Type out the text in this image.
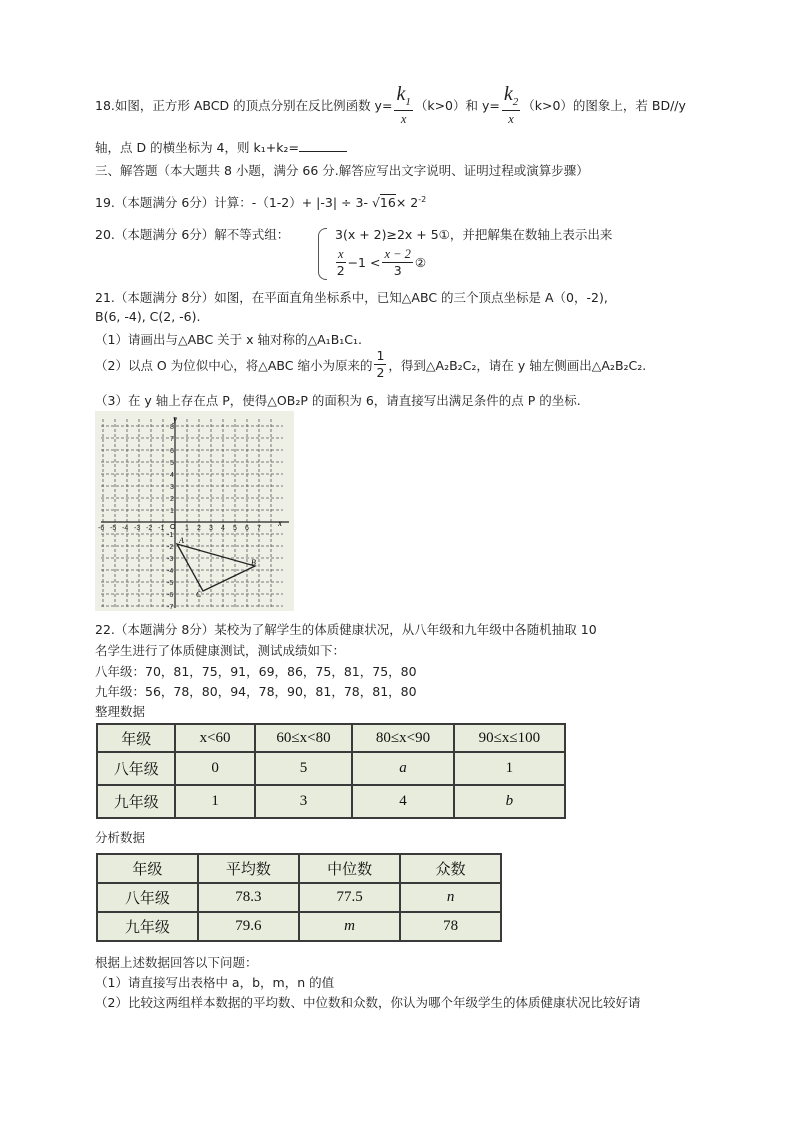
18.如图，正方形 ABCD 的顶点分别在反比例函数 $y= \frac{k_1}{x} (k>0)$和 $y= \frac{k_2}{x} (k>0)$的图象上，若 BD//y
轴，点 D 的横坐标为 4，则 k₁+k₂=
三、解答题（本大题共 8 小题，满分 66 分.解答应写出文字说明、证明过程或演算步骤）
19.（本题满分 6分）计算：-（1-2）+ |-3| ÷ 3- $√16\times 2^{-2}$
20.（本题满分 6分）解不等式组：	3(x + 2)≥2x + 5①，并把解集在数轴上表示出来
$\frac{x}{2} -1 < \frac{x - 2}{3}$ ②
21.（本题满分 8分）如图，在平面直角坐标系中，已知△ABC 的三个顶点坐标是 A（0，-2),
B(6, -4), C(2, -6).
（1）请画出与△ABC 关于 x 轴对称的△A₁B₁C₁.
（2）以点 O 为位似中心，将△ABC 缩小为原来的 $\frac{1}{2}$ ，得到△A₂B₂C₂，请在 y 轴左侧画出△A₂B₂C₂.
（3）在 y 轴上存在点 P，使得△OB₂P 的面积为 6，请直接写出满足条件的点 P 的坐标.
x
y
O
-6 -5 -4 -3 -2 -1	1 2 3 4 5 6 7
8
7
6
5
4
3
2
1
-1
-2
-3
-4
-5
-6
-7
A
B
C
22.（本题满分 8分）某校为了解学生的体质健康状况，从八年级和九年级中各随机抽取 10
名学生进行了体质健康测试，测试成绩如下：
八年级：70，81，75，91，69，86，75，81，75，80
九年级：56，78，80，94，78，90，81，78，81，80
整理数据
年级	x<60	60≤x<80	80≤x<90	90≤x≤100
八年级	0	5	a	1
九年级	1	3	4	b
分析数据
年级	平均数	中位数	众数
八年级	78.3	77.5	n
九年级	79.6	m	78
根据上述数据回答以下问题：
（1）请直接写出表格中 a，b，m，n 的值
（2）比较这两组样本数据的平均数、中位数和众数，你认为哪个年级学生的体质健康状况比较好请
